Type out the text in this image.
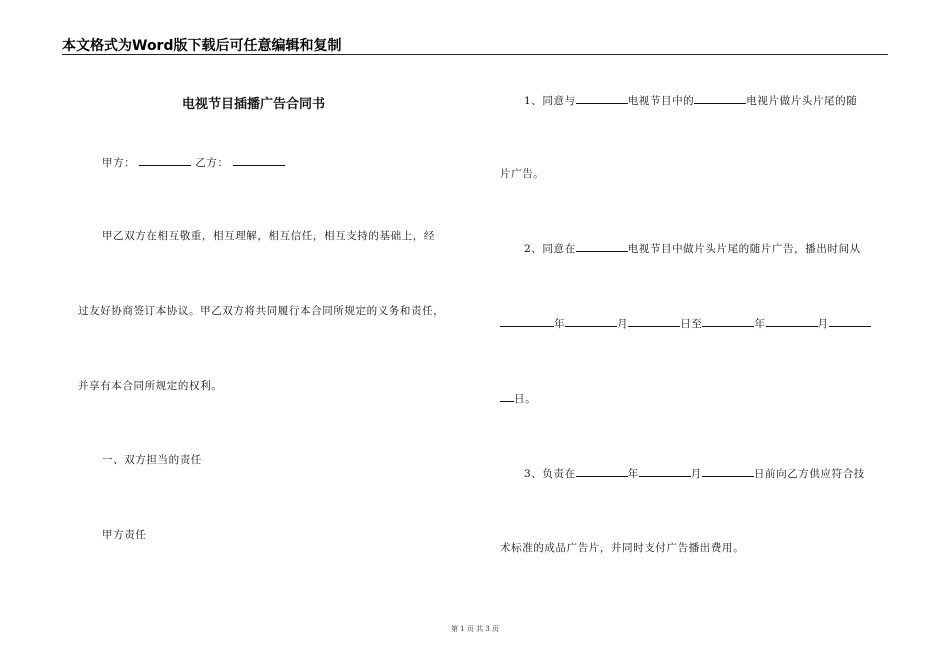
本文格式为Word版下载后可任意编辑和复制
电视节目插播广告合同书
甲方：	乙方：
甲乙双方在相互敬重，相互理解，相互信任，相互支持的基础上，经
过友好协商签订本协议。甲乙双方将共同履行本合同所规定的义务和责任，
并享有本合同所规定的权利。
一、双方担当的责任
甲方责任
1、同意与	电视节目中的	电视片做片头片尾的随
片广告。
2、同意在	电视节目中做片头片尾的随片广告，播出时间从
年	月	日至	年	月
日。
3、负责在	年	月	日前向乙方供应符合技
术标准的成品广告片，并同时支付广告播出费用。
第 1 页 共 3 页
